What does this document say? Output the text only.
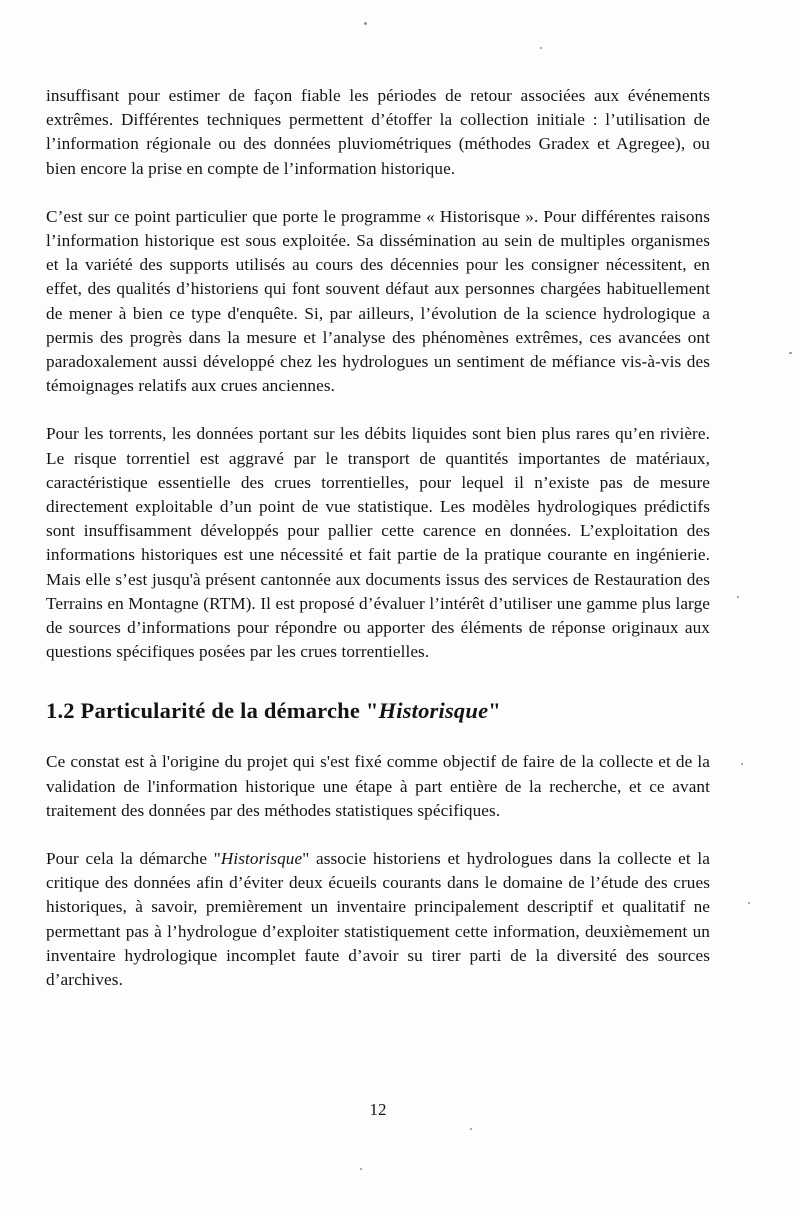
insuffisant pour estimer de façon fiable les périodes de retour associées aux événements extrêmes. Différentes techniques permettent d’étoffer la collection initiale : l’utilisation de l’information régionale ou des données pluviométriques (méthodes Gradex et Agregee), ou bien encore la prise en compte de l’information historique.

C’est sur ce point particulier que porte le programme « Historisque ». Pour différentes raisons l’information historique est sous exploitée. Sa dissémination au sein de multiples organismes et la variété des supports utilisés au cours des décennies pour les consigner nécessitent, en effet, des qualités d’historiens qui font souvent défaut aux personnes chargées habituellement de mener à bien ce type d'enquête. Si, par ailleurs, l’évolution de la science hydrologique a permis des progrès dans la mesure et l’analyse des phénomènes extrêmes, ces avancées ont paradoxalement aussi développé chez les hydrologues un sentiment de méfiance vis-à-vis des témoignages relatifs aux crues anciennes.

Pour les torrents, les données portant sur les débits liquides sont bien plus rares qu’en rivière. Le risque torrentiel est aggravé par le transport de quantités importantes de matériaux, caractéristique essentielle des crues torrentielles, pour lequel il n’existe pas de mesure directement exploitable d’un point de vue statistique. Les modèles hydrologiques prédictifs sont insuffisamment développés pour pallier cette carence en données. L’exploitation des informations historiques est une nécessité et fait partie de la pratique courante en ingénierie. Mais elle s’est jusqu'à présent cantonnée aux documents issus des services de Restauration des Terrains en Montagne (RTM). Il est proposé d’évaluer l’intérêt d’utiliser une gamme plus large de sources d’informations pour répondre ou apporter des éléments de réponse originaux aux questions spécifiques posées par les crues torrentielles.

1.2 Particularité de la démarche "Historisque"

Ce constat est à l'origine du projet qui s'est fixé comme objectif de faire de la collecte et de la validation de l'information historique une étape à part entière de la recherche, et ce avant traitement des données par des méthodes statistiques spécifiques.

Pour cela la démarche "Historisque" associe historiens et hydrologues dans la collecte et la critique des données afin d’éviter deux écueils courants dans le domaine de l’étude des crues historiques, à savoir, premièrement un inventaire principalement descriptif et qualitatif ne permettant pas à l’hydrologue d’exploiter statistiquement cette information, deuxièmement un inventaire hydrologique incomplet faute d’avoir su tirer parti de la diversité des sources d’archives.

12
